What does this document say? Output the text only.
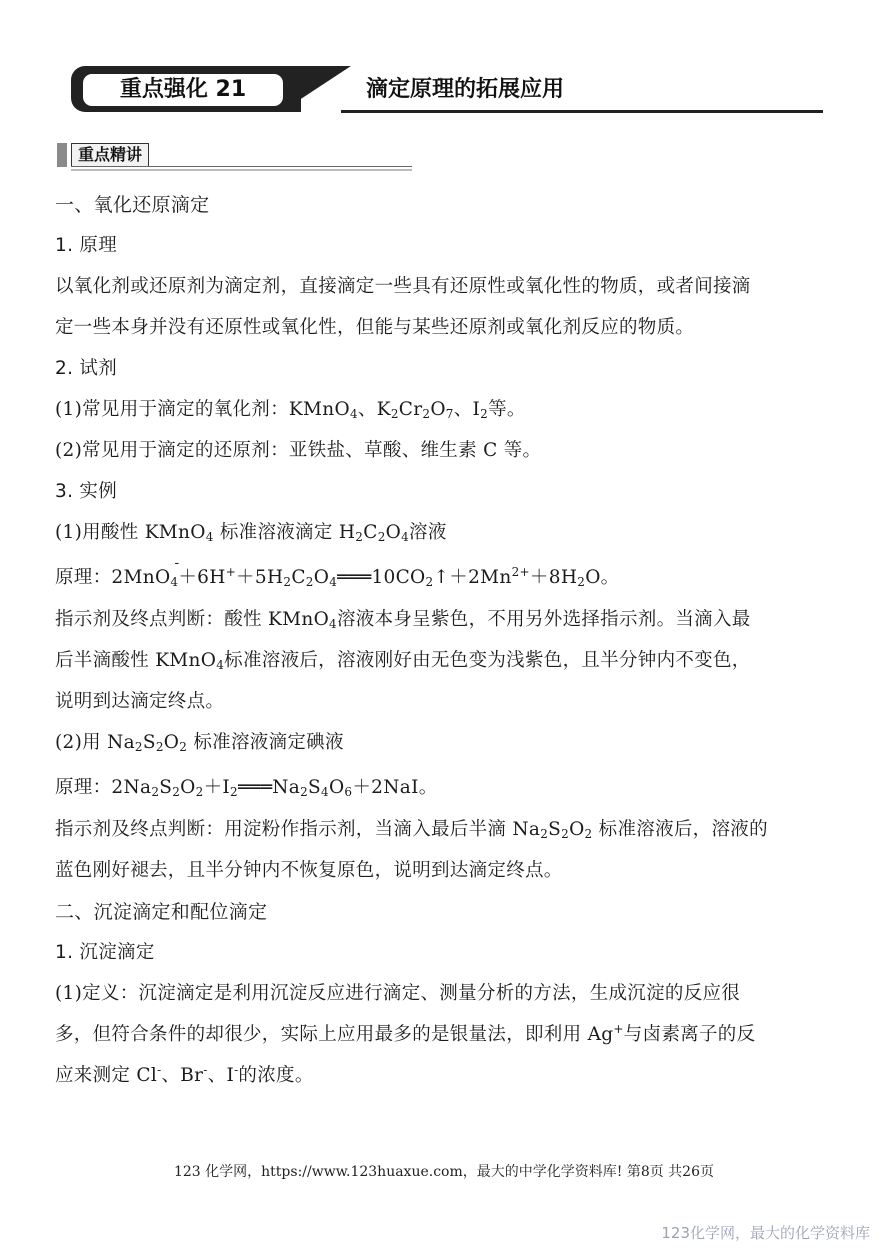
重点强化 21	滴定原理的拓展应用
重点精讲
一、氧化还原滴定
1. 原理
以氧化剂或还原剂为滴定剂，直接滴定一些具有还原性或氧化性的物质，或者间接滴
定一些本身并没有还原性或氧化性，但能与某些还原剂或氧化剂反应的物质。
2. 试剂
(1)常见用于滴定的氧化剂：KMnO$_4$、$K_2Cr_2O_7$、$I_2$等。
(2)常见用于滴定的还原剂：亚铁盐、草酸、维生素 C 等。
3. 实例
(1)用酸性 KMnO$_4$ 标准溶液滴定 $H_2C_2O_4$溶液
原理：2MnO$_4$
-
$+6H^++5H_2C_2O_4═══10CO_2↑+2Mn^{2+}+8H_2O$。
指示剂及终点判断：酸性 KMnO$_4$溶液本身呈紫色，不用另外选择指示剂。当滴入最
后半滴酸性 KMnO$_4$标准溶液后，溶液刚好由无色变为浅紫色，且半分钟内不变色，
说明到达滴定终点。
(2)用 $Na_2S_2O_2$ 标准溶液滴定碘液
原理：$2Na_2S_2O_2+I_2═══Na_2S_4O_6+2NaI$。
指示剂及终点判断：用淀粉作指示剂，当滴入最后半滴 $Na_2S_2O_2$ 标准溶液后，溶液的
蓝色刚好褪去，且半分钟内不恢复原色，说明到达滴定终点。
二、沉淀滴定和配位滴定
1. 沉淀滴定
(1)定义：沉淀滴定是利用沉淀反应进行滴定、测量分析的方法，生成沉淀的反应很
多，但符合条件的却很少，实际上应用最多的是银量法，即利用 Ag+与卤素离子的反
应来测定 Cl-、Br-、I-的浓度。
123 化学网，https://www.123huaxue.com，最大的中学化学资料库! 第8页 共26页
123化学网，最大的化学资料库
